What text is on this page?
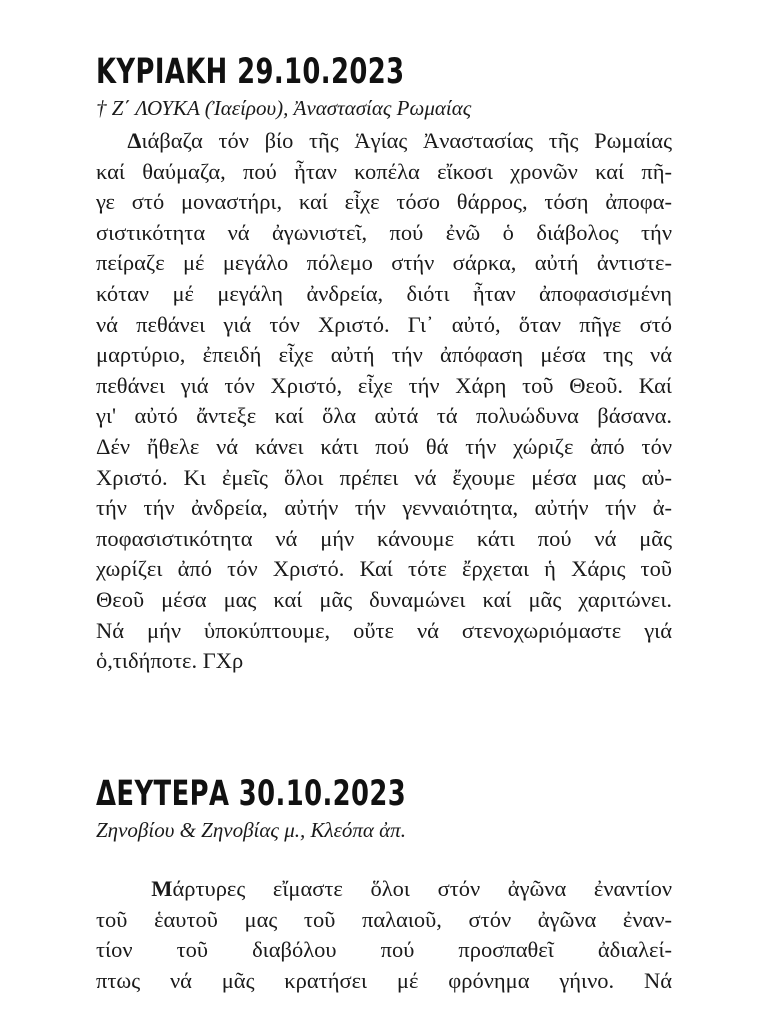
ΚΥΡΙΑΚΗ 29.10.2023
† Ζ΄ ΛΟΥΚΑ (Ἰαείρου), Ἀναστασίας Ρωμαίας
Διάβαζα τόν βίο τῆς Ἁγίας Ἀναστασίας τῆς Ρωμαίας
καί θαύμαζα, πού ἦταν κοπέλα εἴκοσι χρονῶν καί πῆ-
γε στό μοναστήρι, καί εἶχε τόσο θάρρος, τόση ἀποφα-
σιστικότητα νά ἀγωνιστεῖ, πού ἐνῶ ὁ διάβολος τήν
πείραζε μέ μεγάλο πόλεμο στήν σάρκα, αὐτή ἀντιστε-
κόταν μέ μεγάλη ἀνδρεία, διότι ἦταν ἀποφασισμένη
νά πεθάνει γιά τόν Χριστό. Γι᾿ αὐτό, ὅταν πῆγε στό
μαρτύριο, ἐπειδή εἶχε αὐτή τήν ἀπόφαση μέσα της νά
πεθάνει γιά τόν Χριστό, εἶχε τήν Χάρη τοῦ Θεοῦ. Καί
γι' αὐτό ἄντεξε καί ὅλα αὐτά τά πολυώδυνα βάσανα.
Δέν ἤθελε νά κάνει κάτι πού θά τήν χώριζε ἀπό τόν
Χριστό. Κι ἐμεῖς ὅλοι πρέπει νά ἔχουμε μέσα μας αὐ-
τήν τήν ἀνδρεία, αὐτήν τήν γενναιότητα, αὐτήν τήν ἀ-
ποφασιστικότητα νά μήν κάνουμε κάτι πού νά μᾶς
χωρίζει ἀπό τόν Χριστό. Καί τότε ἔρχεται ἡ Χάρις τοῦ
Θεοῦ μέσα μας καί μᾶς δυναμώνει καί μᾶς χαριτώνει.
Νά μήν ὑποκύπτουμε, οὔτε νά στενοχωριόμαστε γιά
ὁ,τιδήποτε. ΓΧρ
ΔΕΥΤΕΡΑ 30.10.2023
Ζηνοβίου & Ζηνοβίας μ., Κλεόπα ἀπ.
Μάρτυρες εἴμαστε ὅλοι στόν ἀγῶνα ἐναντίον
τοῦ ἑαυτοῦ μας τοῦ παλαιοῦ, στόν ἀγῶνα ἐναν-
τίον τοῦ διαβόλου πού προσπαθεῖ ἀδιαλεί-
πτως νά μᾶς κρατήσει μέ φρόνημα γήινο. Νά
